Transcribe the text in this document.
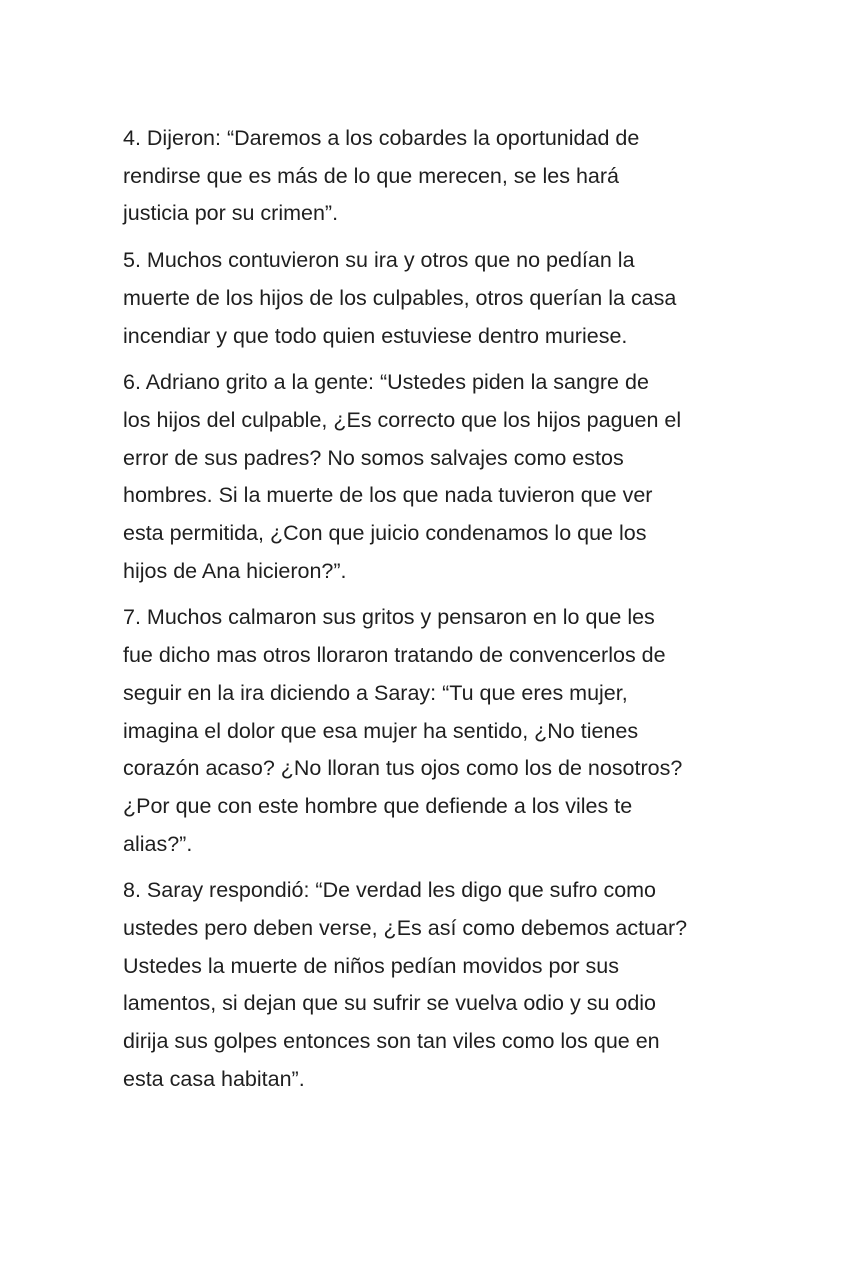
4. Dijeron: “Daremos a los cobardes la oportunidad de
rendirse que es más de lo que merecen, se les hará
justicia por su crimen”.

5. Muchos contuvieron su ira y otros que no pedían la
muerte de los hijos de los culpables, otros querían la casa
incendiar y que todo quien estuviese dentro muriese.

6. Adriano grito a la gente: “Ustedes piden la sangre de
los hijos del culpable, ¿Es correcto que los hijos paguen el
error de sus padres? No somos salvajes como estos
hombres. Si la muerte de los que nada tuvieron que ver
esta permitida, ¿Con que juicio condenamos lo que los
hijos de Ana hicieron?”.

7. Muchos calmaron sus gritos y pensaron en lo que les
fue dicho mas otros lloraron tratando de convencerlos de
seguir en la ira diciendo a Saray: “Tu que eres mujer,
imagina el dolor que esa mujer ha sentido, ¿No tienes
corazón acaso? ¿No lloran tus ojos como los de nosotros?
¿Por que con este hombre que defiende a los viles te
alias?”.

8. Saray respondió: “De verdad les digo que sufro como
ustedes pero deben verse, ¿Es así como debemos actuar?
Ustedes la muerte de niños pedían movidos por sus
lamentos, si dejan que su sufrir se vuelva odio y su odio
dirija sus golpes entonces son tan viles como los que en
esta casa habitan”.
